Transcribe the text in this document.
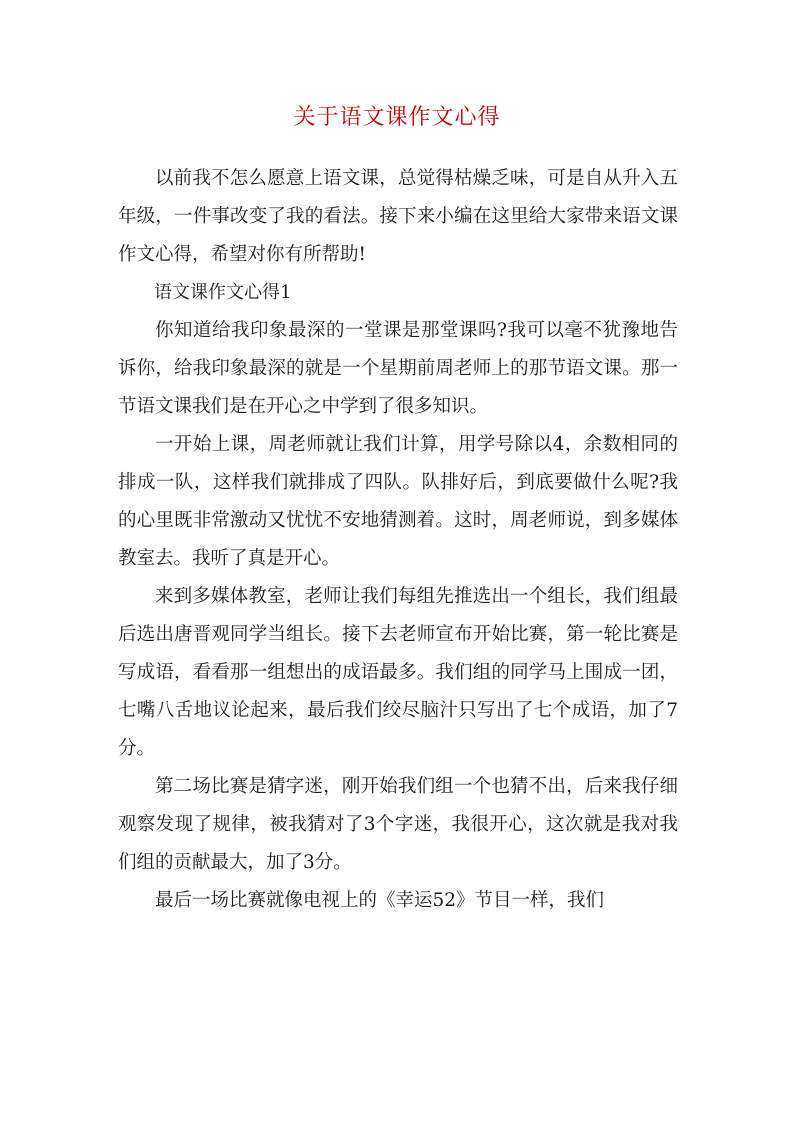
关于语文课作文心得

以前我不怎么愿意上语文课，总觉得枯燥乏味，可是自从升入五年级，一件事改变了我的看法。接下来小编在这里给大家带来语文课作文心得，希望对你有所帮助!

语文课作文心得1

你知道给我印象最深的一堂课是那堂课吗?我可以毫不犹豫地告诉你，给我印象最深的就是一个星期前周老师上的那节语文课。那一节语文课我们是在开心之中学到了很多知识。

一开始上课，周老师就让我们计算，用学号除以4，余数相同的排成一队，这样我们就排成了四队。队排好后，到底要做什么呢?我的心里既非常激动又忧忧不安地猜测着。这时，周老师说，到多媒体教室去。我听了真是开心。

来到多媒体教室，老师让我们每组先推选出一个组长，我们组最后选出唐晋观同学当组长。接下去老师宣布开始比赛，第一轮比赛是写成语，看看那一组想出的成语最多。我们组的同学马上围成一团，七嘴八舌地议论起来，最后我们绞尽脑汁只写出了七个成语，加了7分。

第二场比赛是猜字迷，刚开始我们组一个也猜不出，后来我仔细观察发现了规律，被我猜对了3个字迷，我很开心，这次就是我对我们组的贡献最大，加了3分。

最后一场比赛就像电视上的《幸运52》节目一样，我们
